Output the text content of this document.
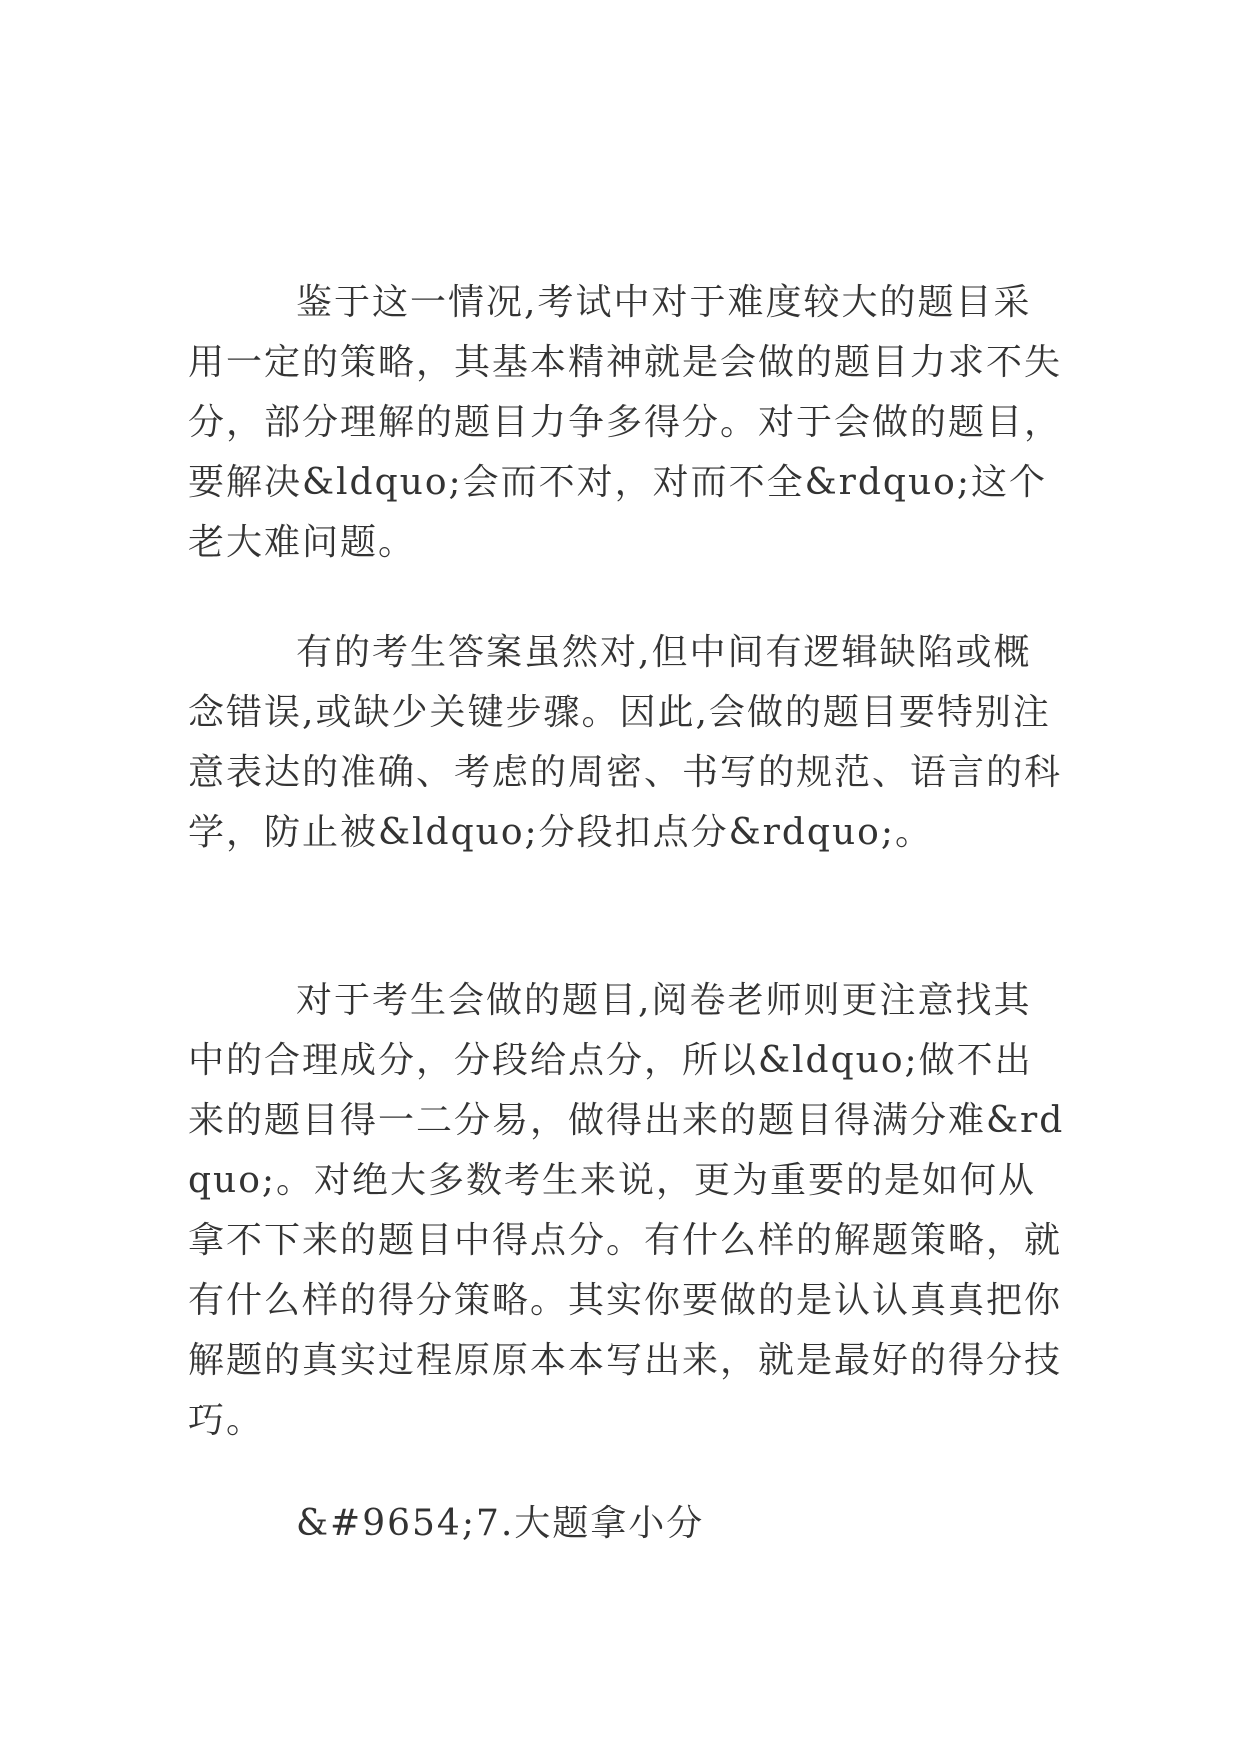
鉴于这一情况,考试中对于难度较大的题目采用一定的策略，其基本精神就是会做的题目力求不失分，部分理解的题目力争多得分。对于会做的题目，要解决&ldquo;会而不对，对而不全&rdquo;这个老大难问题。

有的考生答案虽然对,但中间有逻辑缺陷或概念错误,或缺少关键步骤。因此,会做的题目要特别注意表达的准确、考虑的周密、书写的规范、语言的科学，防止被&ldquo;分段扣点分&rdquo;。

对于考生会做的题目,阅卷老师则更注意找其中的合理成分，分段给点分，所以&ldquo;做不出来的题目得一二分易，做得出来的题目得满分难&rdquo;。对绝大多数考生来说，更为重要的是如何从拿不下来的题目中得点分。有什么样的解题策略，就有什么样的得分策略。其实你要做的是认认真真把你解题的真实过程原原本本写出来，就是最好的得分技巧。

&#9654;7.大题拿小分
